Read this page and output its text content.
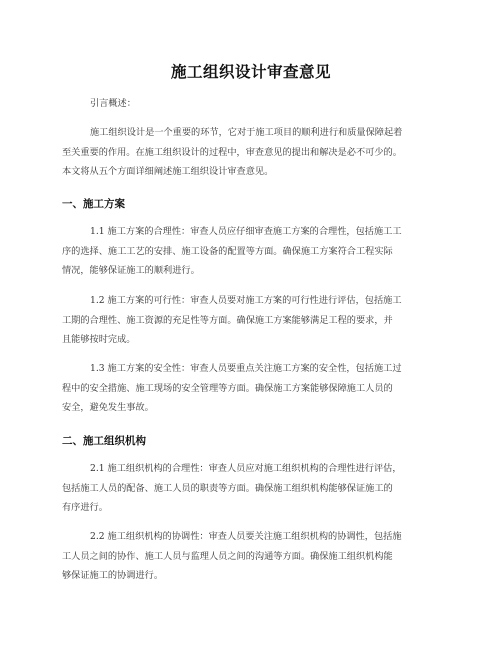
施工组织设计审查意见
引言概述：
施工组织设计是一个重要的环节，它对于施工项目的顺利进行和质量保障起着
至关重要的作用。在施工组织设计的过程中，审查意见的提出和解决是必不可少的。
本文将从五个方面详细阐述施工组织设计审查意见。
一、施工方案
1.1 施工方案的合理性：审查人员应仔细审查施工方案的合理性，包括施工工
序的选择、施工工艺的安排、施工设备的配置等方面。确保施工方案符合工程实际
情况，能够保证施工的顺利进行。
1.2 施工方案的可行性：审查人员要对施工方案的可行性进行评估，包括施工
工期的合理性、施工资源的充足性等方面。确保施工方案能够满足工程的要求，并
且能够按时完成。
1.3 施工方案的安全性：审查人员要重点关注施工方案的安全性，包括施工过
程中的安全措施、施工现场的安全管理等方面。确保施工方案能够保障施工人员的
安全，避免发生事故。
二、施工组织机构
2.1 施工组织机构的合理性：审查人员应对施工组织机构的合理性进行评估，
包括施工人员的配备、施工人员的职责等方面。确保施工组织机构能够保证施工的
有序进行。
2.2 施工组织机构的协调性：审查人员要关注施工组织机构的协调性，包括施
工人员之间的协作、施工人员与监理人员之间的沟通等方面。确保施工组织机构能
够保证施工的协调进行。
